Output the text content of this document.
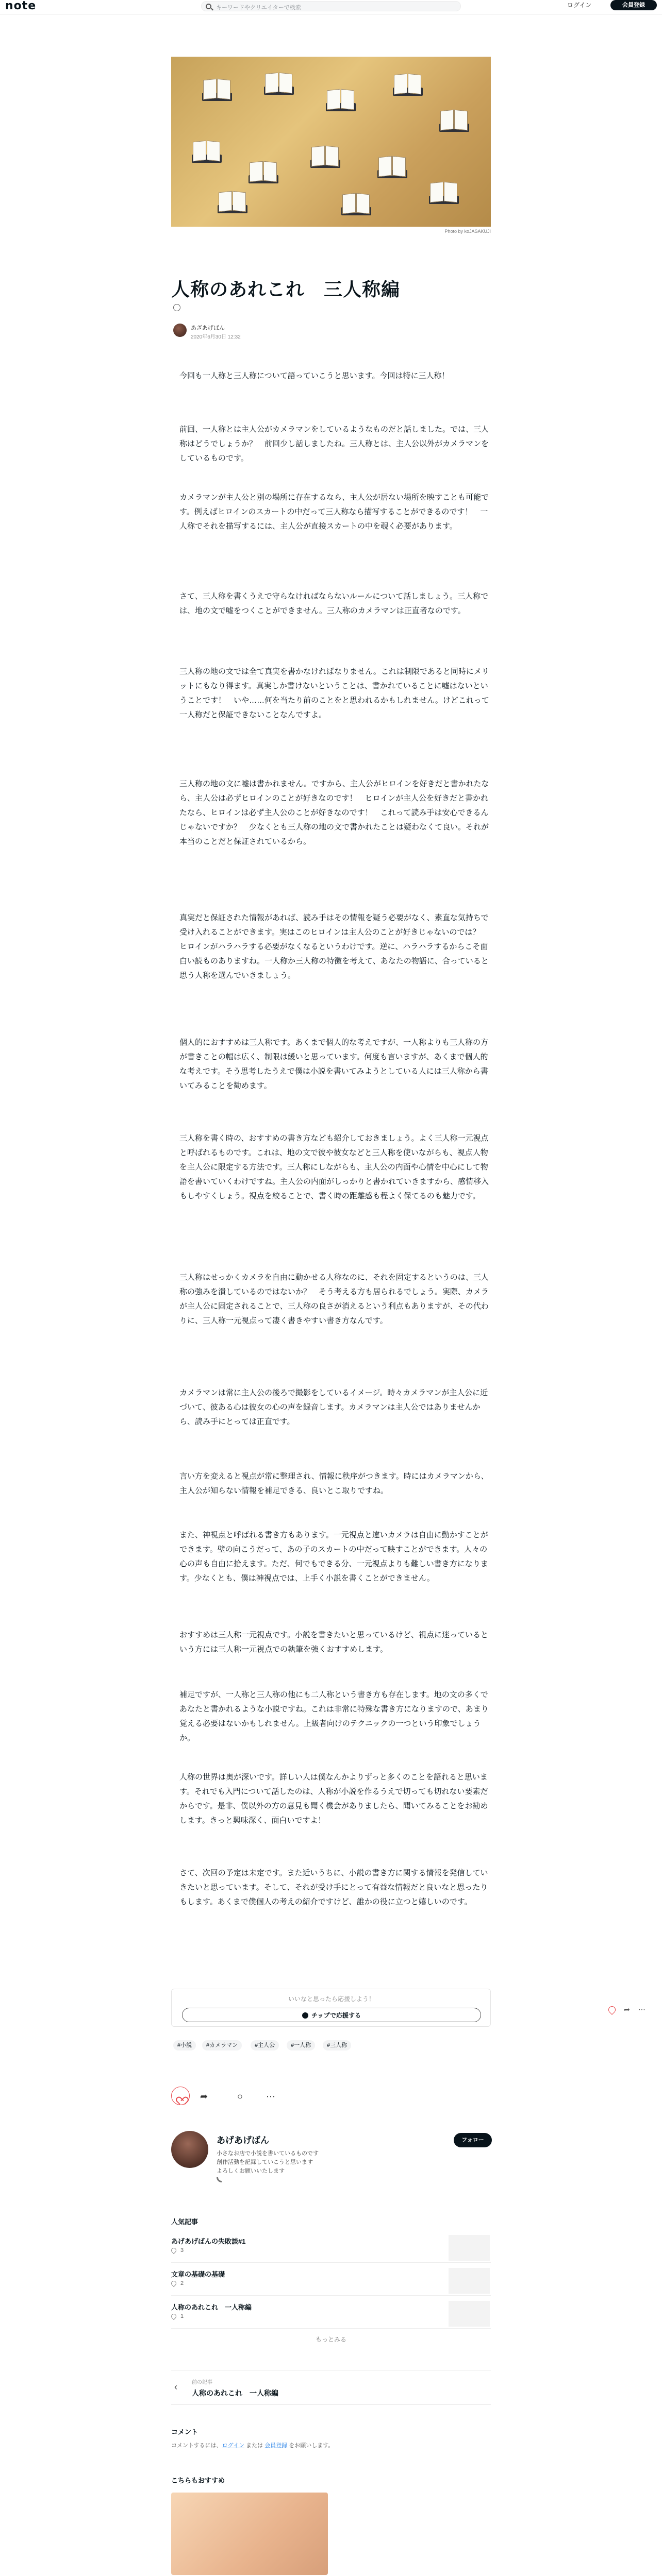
note	キーワードやクリエイターで検索	ログイン	会員登録
Photo by koJASAKUJI
人称のあれこれ　三人称編
あざあげばん
2020年6月30日 12:32
今回も一人称と三人称について語っていこうと思います。今回は特に三人称！
前回、一人称とは主人公がカメラマンをしているようなものだと話しました。では、三人称はどうでしょうか？　前回少し話しましたね。三人称とは、主人公以外がカメラマンをしているものです。
カメラマンが主人公と別の場所に存在するなら、主人公が居ない場所を映すことも可能です。例えばヒロインのスカートの中だって三人称なら描写することができるのです！　一人称でそれを描写するには、主人公が直接スカートの中を覗く必要があります。
さて、三人称を書くうえで守らなければならないルールについて話しましょう。三人称では、地の文で嘘をつくことができません。三人称のカメラマンは正直者なのです。
三人称の地の文では全て真実を書かなければなりません。これは制限であると同時にメリットにもなり得ます。真実しか書けないということは、書かれていることに嘘はないということです！　いや……何を当たり前のことをと思われるかもしれません。けどこれって一人称だと保証できないことなんですよ。
三人称の地の文に嘘は書かれません。ですから、主人公がヒロインを好きだと書かれたなら、主人公は必ずヒロインのことが好きなのです！　ヒロインが主人公を好きだと書かれたなら、ヒロインは必ず主人公のことが好きなのです！　これって読み手は安心できるんじゃないですか？　少なくとも三人称の地の文で書かれたことは疑わなくて良い。それが本当のことだと保証されているから。
真実だと保証された情報があれば、読み手はその情報を疑う必要がなく、素直な気持ちで受け入れることができます。実はこのヒロインは主人公のことが好きじゃないのでは？　ヒロインがハラハラする必要がなくなるというわけです。逆に、ハラハラするからこそ面白い読ものありますね。一人称か三人称の特徴を考えて、あなたの物語に、合っていると思う人称を選んでいきましょう。
個人的におすすめは三人称です。あくまで個人的な考えですが、一人称よりも三人称の方が書きことの幅は広く、制限は緩いと思っています。何度も言いますが、あくまで個人的な考えです。そう思考したうえで僕は小説を書いてみようとしている人には三人称から書いてみることを勧めます。
三人称を書く時の、おすすめの書き方なども紹介しておきましょう。よく三人称一元視点と呼ばれるものです。これは、地の文で彼や彼女などと三人称を使いながらも、視点人物を主人公に限定する方法です。三人称にしながらも、主人公の内面や心情を中心にして物語を書いていくわけですね。主人公の内面がしっかりと書かれていきますから、感情移入もしやすくしょう。視点を絞ることで、書く時の距離感も程よく保てるのも魅力です。
三人称はせっかくカメラを自由に動かせる人称なのに、それを固定するというのは、三人称の強みを潰しているのではないか？　そう考える方も居られるでしょう。実際、カメラが主人公に固定されることで、三人称の良さが消えるという利点もありますが、その代わりに、三人称一元視点って凄く書きやすい書き方なんです。
カメラマンは常に主人公の後ろで撮影をしているイメージ。時々カメラマンが主人公に近づいて、彼ある心は彼女の心の声を録音します。カメラマンは主人公ではありませんから、読み手にとっては正直です。
言い方を変えると視点が常に整理され、情報に秩序がつきます。時にはカメラマンから、主人公が知らない情報を補足できる、良いとこ取りですね。
また、神視点と呼ばれる書き方もあります。一元視点と違いカメラは自由に動かすことができます。壁の向こうだって、あの子のスカートの中だって映すことができます。人々の心の声も自由に拾えます。ただ、何でもできる分、一元視点よりも難しい書き方になります。少なくとも、僕は神視点では、上手く小説を書くことができません。
おすすめは三人称一元視点です。小説を書きたいと思っているけど、視点に迷っているという方には三人称一元視点での執筆を強くおすすめします。
補足ですが、一人称と三人称の他にも二人称という書き方も存在します。地の文の多くであなたと書かれるような小説ですね。これは非常に特殊な書き方になりますので、あまり覚える必要はないかもしれません。上級者向けのテクニックの一つという印象でしょうか。
人称の世界は奥が深いです。詳しい人は僕なんかよりずっと多くのことを語れると思います。それでも入門について話したのは、人称が小説を作るうえで切っても切れない要素だからです。是非、僕以外の方の意見も聞く機会がありましたら、聞いてみることをお勧めします。きっと興味深く、面白いですよ！
さて、次回の予定は未定です。また近いうちに、小説の書き方に関する情報を発信していきたいと思っています。そして、それが受け手にとって有益な情報だと良いなと思ったりもします。あくまで僕個人の考えの紹介ですけど、誰かの役に立つと嬉しいのです。
いいなと思ったら応援しよう！
チップで応援する
#小説	#カメラマン	#主人公	#一人称	#三人称
➦	○	⋯
あげあげばん
小さなお店で小説を書いているものです
創作活動を記録していこうと思います
よろしくお願いいたします
フォロー
人気記事
あげあげばんの失敗談#1
3
文章の基礎の基礎
2
人称のあれこれ　一人称編
1
もっとみる
‹	前の記事
人称のあれこれ　一人称編
コメント
コメントするには、ログイン または 会員登録 をお願いします。
こちらもおすすめ
➦ ⋯
